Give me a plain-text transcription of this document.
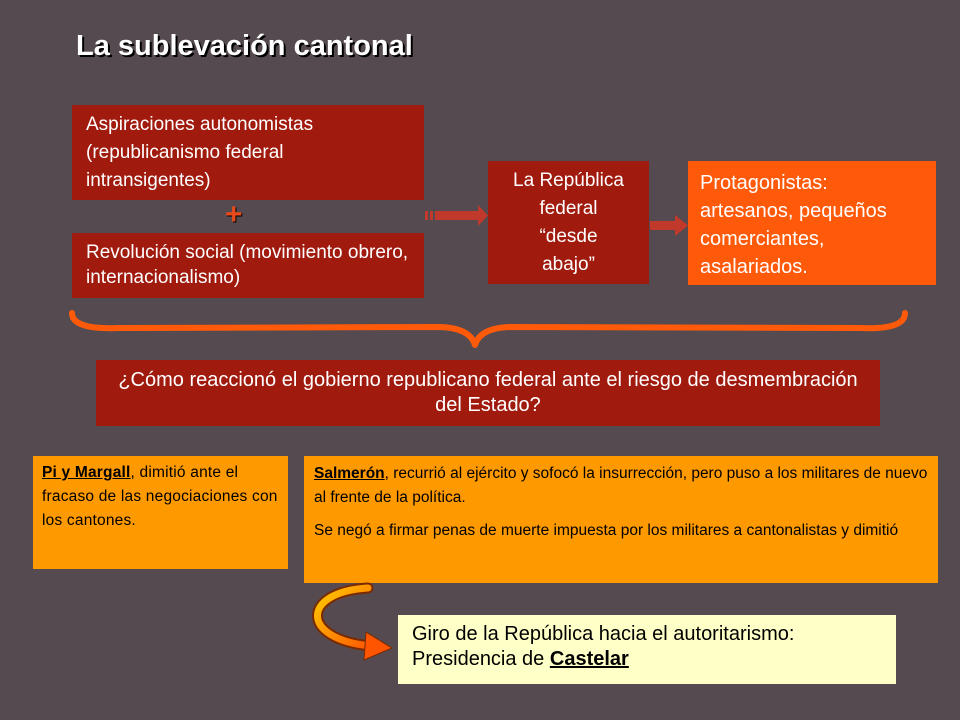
La sublevación cantonal
Aspiraciones autonomistas (republicanismo federal intransigentes)
+
Revolución social (movimiento obrero, internacionalismo)
La República
federal
“desde
abajo”
Protagonistas: artesanos, pequeños comerciantes, asalariados.
¿Cómo reaccionó el gobierno republicano federal ante el riesgo de desmembración del Estado?
Pi y Margall, dimitió ante el fracaso de las negociaciones con los cantones.

Salmerón, recurrió al ejército y sofocó la insurrección, pero puso a los militares de nuevo al frente de la política.

Se negó a firmar penas de muerte impuesta por los militares a cantonalistas y dimitió

Giro de la República hacia el autoritarismo: Presidencia de Castelar
